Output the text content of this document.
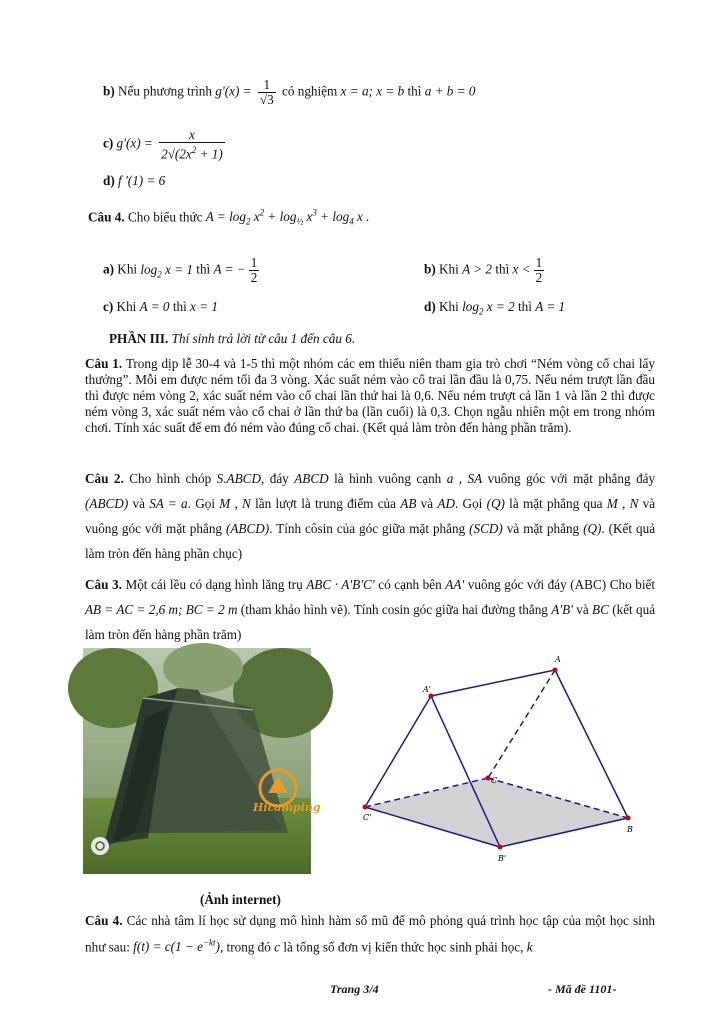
b) Nếu phương trình $g'(x) = \frac{1}{√3}$ có nghiệm x = a; x = b thì a + b = 0
c) $g'(x) = \frac{x}{2√(2x^2 + 1)}$
d) f '(1) = 6
Câu 4. Cho biểu thức $A = \log_2 x^2 + \log_{\frac{1}{2}} x^3 + \log_4 x$ .
a) Khi $\log_2 x = 1$ thì A = − $\frac{1}{2}$	b) Khi A > 2 thì $x < \frac{1}{2}$
c) Khi A = 0 thì x = 1	d) Khi $\log_2 x = 2$ thì A = 1
PHẦN III. Thí sinh trả lời từ câu 1 đến câu 6.
Câu 1. Trong dịp lễ 30-4 và 1-5 thì một nhóm các em thiếu niên tham gia trò chơi “Ném vòng cổ chai lấy thưởng”. Mỗi em được ném tối đa 3 vòng. Xác suất ném vào cổ trai lần đầu là 0,75. Nếu ném trượt lần đầu thì được ném vòng 2, xác suất ném vào cổ chai lần thứ hai là 0,6. Nếu ném trượt cả lần 1 và lần 2 thì được ném vòng 3, xác suất ném vào cổ chai ở lần thứ ba (lần cuối) là 0,3. Chọn ngẫu nhiên một em trong nhóm chơi. Tính xác suất để em đó ném vào đúng cổ chai. (Kết quả làm tròn đến hàng phần trăm).
Câu 2. Cho hình chóp S.ABCD, đáy ABCD là hình vuông cạnh a , SA vuông góc với mặt phẳng đáy (ABCD) và SA = a. Gọi M , N lần lượt là trung điểm của AB và AD. Gọi (Q) là mặt phẳng qua M , N và vuông góc với mặt phẳng (ABCD). Tính côsin của góc giữa mặt phẳng (SCD) và mặt phẳng (Q). (Kết quả làm tròn đến hàng phần chục)
Câu 3. Một cái lều có dạng hình lăng trụ ABC · A'B'C' có cạnh bên AA' vuông góc với đáy (ABC) Cho biết AB = AC = 2,6 m; BC = 2 m (tham khảo hình vẽ). Tính cosin góc giữa hai đường thẳng A'B' và BC (kết quả làm tròn đến hàng phần trăm)
Hicamping
A
A'
C
C'
B
B'
(Ảnh internet)
Câu 4. Các nhà tâm lí học sử dụng mô hình hàm số mũ để mô phỏng quá trình học tập của một học sinh như sau: $f(t) = c(1 - e^{-kt})$, trong đó c là tổng số đơn vị kiến thức học sinh phải học, k
Trang 3/4	- Mã đề 1101-
